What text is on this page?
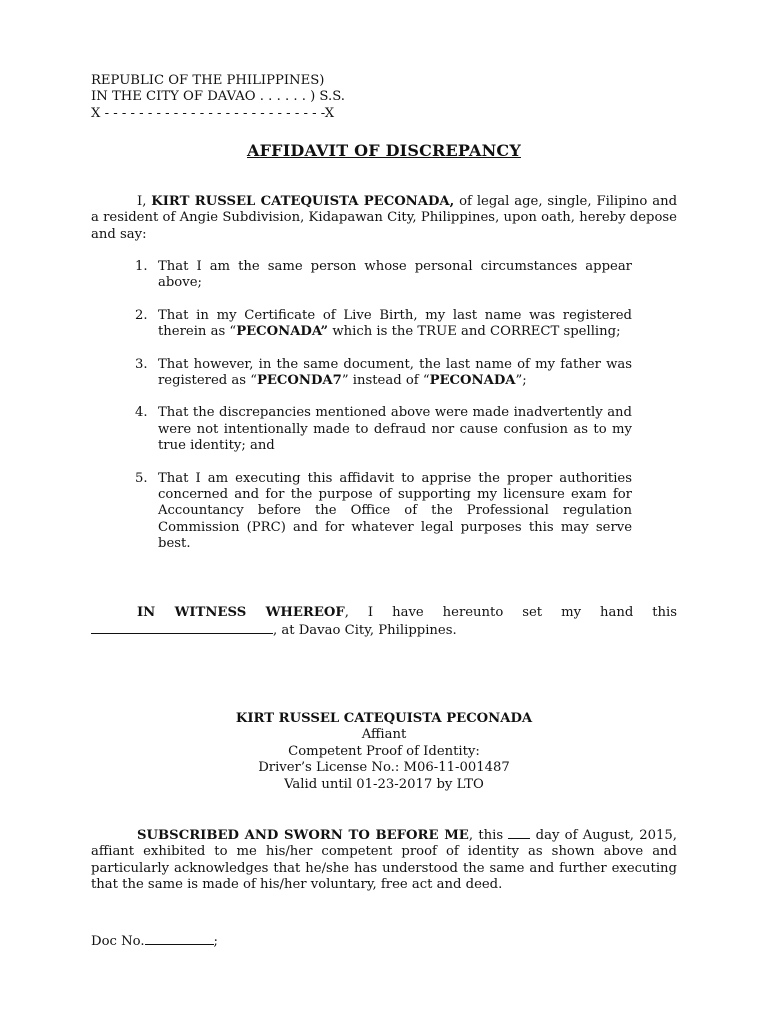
REPUBLIC OF THE PHILIPPINES)
IN THE CITY OF DAVAO . . . . . . ) S.S.
X - - - - - - - - - - - - - - - - - - - - - - - - - -X
AFFIDAVIT OF DISCREPANCY
I, KIRT RUSSEL CATEQUISTA PECONADA, of legal age, single, Filipino and a resident of Angie Subdivision, Kidapawan City, Philippines, upon oath, hereby depose and say:
1. That I am the same person whose personal circumstances appear above;
2. That in my Certificate of Live Birth, my last name was registered therein as “PECONADA” which is the TRUE and CORRECT spelling;
3. That however, in the same document, the last name of my father was registered as “PECONDA7” instead of “PECONADA”;
4. That the discrepancies mentioned above were made inadvertently and were not intentionally made to defraud nor cause confusion as to my true identity; and
5. That I am executing this affidavit to apprise the proper authorities concerned and for the purpose of supporting my licensure exam for Accountancy before the Office of the Professional regulation Commission (PRC) and for whatever legal purposes this may serve best.
IN WITNESS WHEREOF, I have hereunto set my hand this , at Davao City, Philippines.
KIRT RUSSEL CATEQUISTA PECONADA
Affiant
Competent Proof of Identity:
Driver’s License No.: M06-11-001487
Valid until 01-23-2017 by LTO
SUBSCRIBED AND SWORN TO BEFORE ME, this  day of August, 2015, affiant exhibited to me his/her competent proof of identity as shown above and particularly acknowledges that he/she has understood the same and further executing that the same is made of his/her voluntary, free act and deed.
Doc No.	;
